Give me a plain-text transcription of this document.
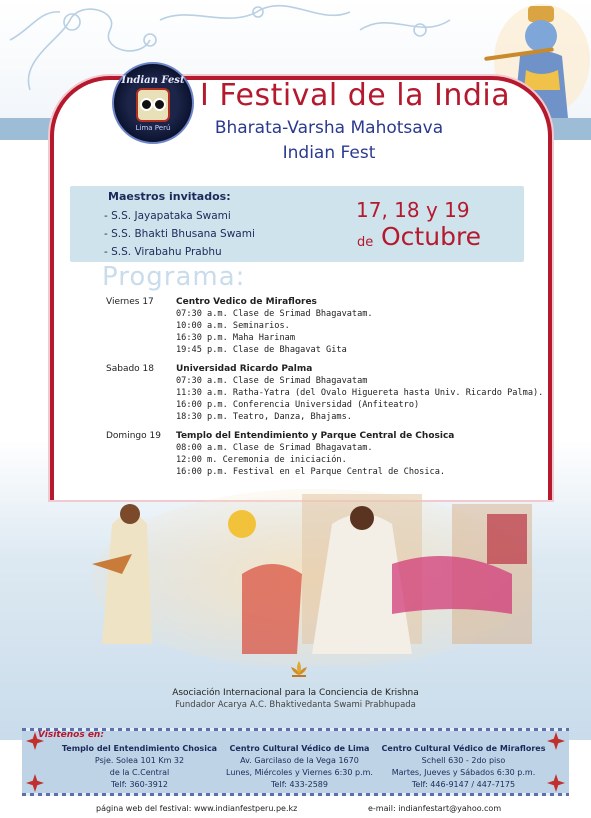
Indian Fest
Lima Perú
I Festival de la India
Bharata-Varsha Mahotsava
Indian Fest
Maestros invitados:
- S.S. Jayapataka Swami
- S.S. Bhakti Bhusana Swami
- S.S. Virabahu Prabhu
17, 18 y 19
de Octubre
Programa:
Viernes 17 Centro Vedico de Miraflores
07:30 a.m. Clase de Srimad Bhagavatam.
10:00 a.m. Seminarios.
16:30 p.m. Maha Harinam
19:45 p.m. Clase de Bhagavat Gita
Sabado 18 Universidad Ricardo Palma
07:30 a.m. Clase de Srimad Bhagavatam
11:30 a.m. Ratha-Yatra (del Ovalo Higuereta hasta Univ. Ricardo Palma).
16:00 p.m. Conferencia Universidad (Anfiteatro)
18:30 p.m. Teatro, Danza, Bhajams.
Domingo 19 Templo del Entendimiento y Parque Central de Chosica
08:00 a.m. Clase de Srimad Bhagavatam.
12:00 m. Ceremonia de iniciación.
16:00 p.m. Festival en el Parque Central de Chosica.
Asociación Internacional para la Conciencia de Krishna
Fundador Acarya A.C. Bhaktivedanta Swami Prabhupada
Visítenos en:
Templo del Entendimiento Chosica
Psje. Solea 101 Km 32
de la C.Central
Telf: 360-3912
Centro Cultural Védico de Lima
Av. Garcilaso de la Vega 1670
Lunes, Miércoles y Viernes 6:30 p.m.
Telf: 433-2589
Centro Cultural Védico de Miraflores
Schell 630 - 2do piso
Martes, Jueves y Sábados 6:30 p.m.
Telf: 446-9147 / 447-7175
página web del festival: www.indianfestperu.pe.kz	e-mail: indianfestart@yahoo.com
